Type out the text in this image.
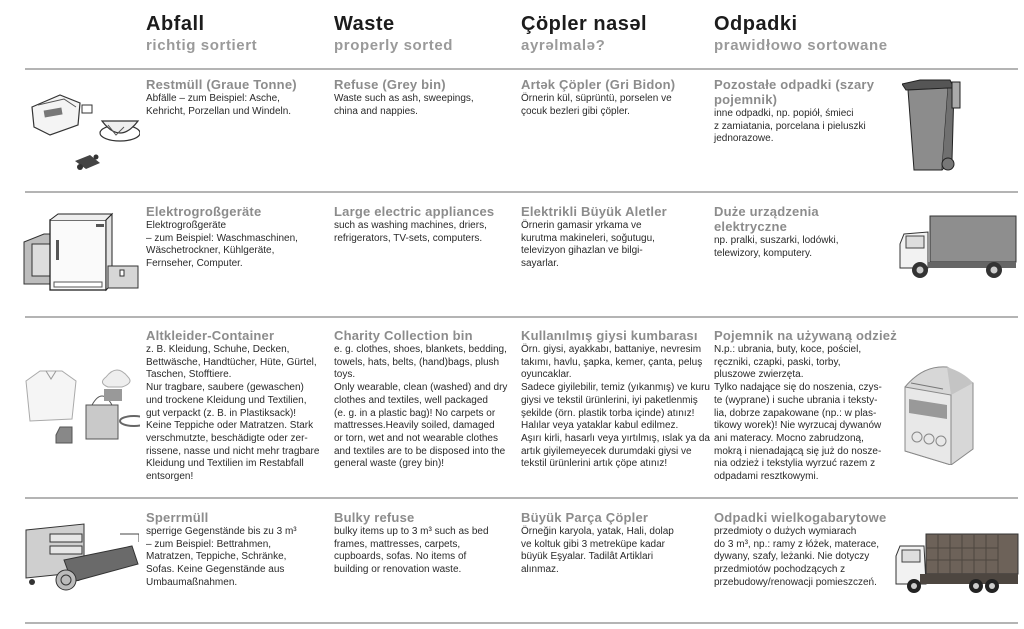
Abfall
richtig sortiert
Waste
properly sorted
Çöpler nasəl
ayrəlmalə?
Odpadki
prawidłowo sortowane
Restmüll (Graue Tonne)
Abfälle – zum Beispiel: Asche,
Kehricht, Porzellan und Windeln.
Refuse (Grey bin)
Waste such as ash, sweepings,
china and nappies.
Artək Çöpler (Gri Bidon)
Örnerin kül, süprüntü, porselen ve
çocuk bezleri gibi çöpler.
Pozostałe odpadki (szary pojemnik)
inne odpadki, np. popiół, śmieci
z zamiatania, porcelana i pieluszki
jednorazowe.
Elektrogroßgeräte
Elektrogroßgeräte
– zum Beispiel: Waschmaschinen,
Wäschetrockner, Kühlgeräte,
Fernseher, Computer.
Large electric appliances
such as washing machines, driers,
refrigerators, TV-sets, computers.
Elektrikli Büyük Aletler
Örnerin gamasir yrkama ve
kurutma makineleri, soğutugu,
televizyon gihazlan ve bilgi-
sayarlar.
Duże urządzenia elektryczne
np. pralki, suszarki, lodówki,
telewizory, komputery.
Altkleider-Container
z. B. Kleidung, Schuhe, Decken,
Bettwäsche, Handtücher, Hüte, Gürtel,
Taschen, Stofftiere.
Nur tragbare, saubere (gewaschen)
und trockene Kleidung und Textilien,
gut verpackt (z. B. in Plastiksack)!
Keine Teppiche oder Matratzen. Stark
verschmutzte, beschädigte oder zer-
rissene, nasse und nicht mehr tragbare
Kleidung und Textilien im Restabfall
entsorgen!
Charity Collection bin
e. g. clothes, shoes, blankets, bedding,
towels, hats, belts, (hand)bags, plush
toys.
Only wearable, clean (washed) and dry
clothes and textiles, well packaged
(e. g. in a plastic bag)! No carpets or
mattresses.Heavily soiled, damaged
or torn, wet and not wearable clothes
and textiles are to be disposed into the
general waste (grey bin)!
Kullanılmış giysi kumbarası
Örn. giysi, ayakkabı, battaniye, nevresim
takımı, havlu, şapka, kemer, çanta, peluş
oyuncaklar.
Sadece giyilebilir, temiz (yıkanmış) ve kuru
giysi ve tekstil ürünlerini, iyi paketlenmiş
şekilde (örn. plastik torba içinde) atınız!
Halılar veya yataklar kabul edilmez.
Aşırı kirli, hasarlı veya yırtılmış, ıslak ya da
artık giyilemeyecek durumdaki giysi ve
tekstil ürünlerini artık çöpe atınız!
Pojemnik na używaną odzież
N.p.: ubrania, buty, koce, pościel,
ręczniki, czapki, paski, torby,
pluszowe zwierzęta.
Tylko nadające się do noszenia, czys-
te (wyprane) i suche ubrania i teksty-
lia, dobrze zapakowane (np.: w plas-
tikowy worek)! Nie wyrzucaj dywanów
ani materacy. Mocno zabrudzoną,
mokrą i nienadającą się już do nosze-
nia odzież i tekstylia wyrzuć razem z
odpadami resztkowymi.
Sperrmüll
sperrige Gegenstände bis zu 3 m³
– zum Beispiel: Bettrahmen,
Matratzen, Teppiche, Schränke,
Sofas. Keine Gegenstände aus
Umbaumaßnahmen.
Bulky refuse
bulky items up to 3 m³ such as bed
frames, mattresses, carpets,
cupboards, sofas. No items of
building or renovation waste.
Büyük Parça Çöpler
Örneğin karyola, yatak, Hali, dolap
ve koltuk gibi 3 metreküpe kadar
büyük Eşyalar. Tadilât Artiklari
alınmaz.
Odpadki wielkogabarytowe
przedmioty o dużych wymiarach
do 3 m³, np.: ramy z łóżek, materace,
dywany, szafy, leżanki. Nie dotyczy
przedmiotów pochodzących z
przebudowy/renowacji pomieszczeń.
